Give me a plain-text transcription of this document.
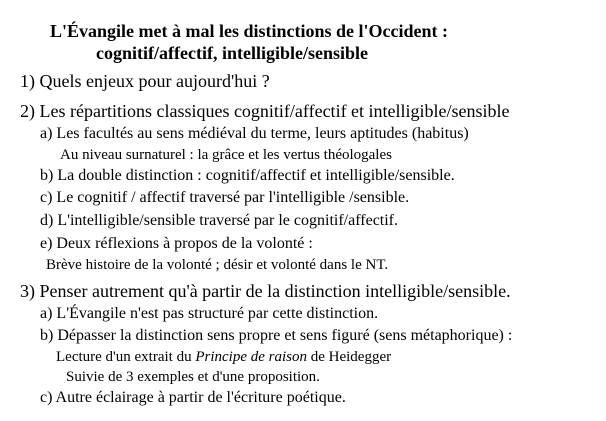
L'Évangile met à mal les distinctions de l'Occident :
cognitif/affectif, intelligible/sensible
1) Quels enjeux pour aujourd'hui ?
2) Les répartitions classiques cognitif/affectif et intelligible/sensible
a) Les facultés au sens médiéval du terme, leurs aptitudes (habitus)
Au niveau surnaturel : la grâce et les vertus théologales
b) La double distinction : cognitif/affectif et intelligible/sensible.
c) Le cognitif / affectif traversé par l'intelligible /sensible.
d) L'intelligible/sensible traversé par le cognitif/affectif.
e) Deux réflexions à propos de la volonté :
Brève histoire de la volonté ; désir et volonté dans le NT.
3) Penser autrement qu'à partir de la distinction intelligible/sensible.
a) L'Évangile n'est pas structuré par cette distinction.
b) Dépasser la distinction sens propre et sens figuré (sens métaphorique) :
Lecture d'un extrait du Principe de raison de Heidegger
Suivie de 3 exemples et d'une proposition.
c) Autre éclairage à partir de l'écriture poétique.
